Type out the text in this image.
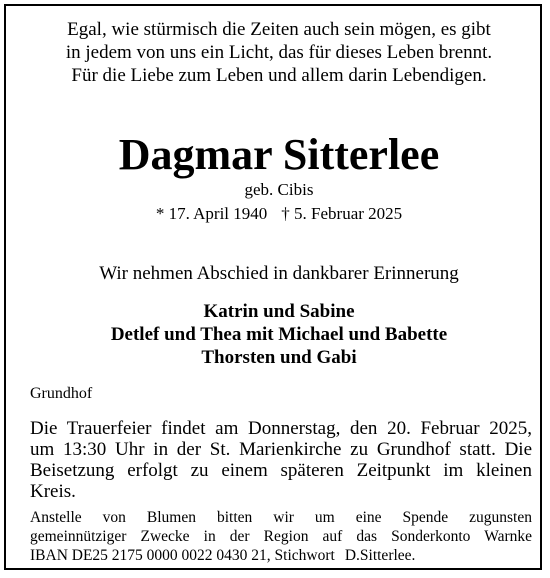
Egal, wie stürmisch die Zeiten auch sein mögen, es gibt
in jedem von uns ein Licht, das für dieses Leben brennt.
Für die Liebe zum Leben und allem darin Lebendigen.
Dagmar Sitterlee
geb. Cibis
* 17. April 1940 † 5. Februar 2025
Wir nehmen Abschied in dankbarer Erinnerung
Katrin und Sabine
Detlef und Thea mit Michael und Babette
Thorsten und Gabi
Grundhof
Die Trauerfeier findet am Donnerstag, den 20. Februar 2025,
um 13:30 Uhr in der St. Marienkirche zu Grundhof statt. Die
Beisetzung erfolgt zu einem späteren Zeitpunkt im kleinen
Kreis.
Anstelle von Blumen bitten wir um eine Spende zugunsten
gemeinnütziger Zwecke in der Region auf das Sonderkonto Warnke
IBAN DE25 2175 0000 0022 0430 21, Stichwort D.Sitterlee.
